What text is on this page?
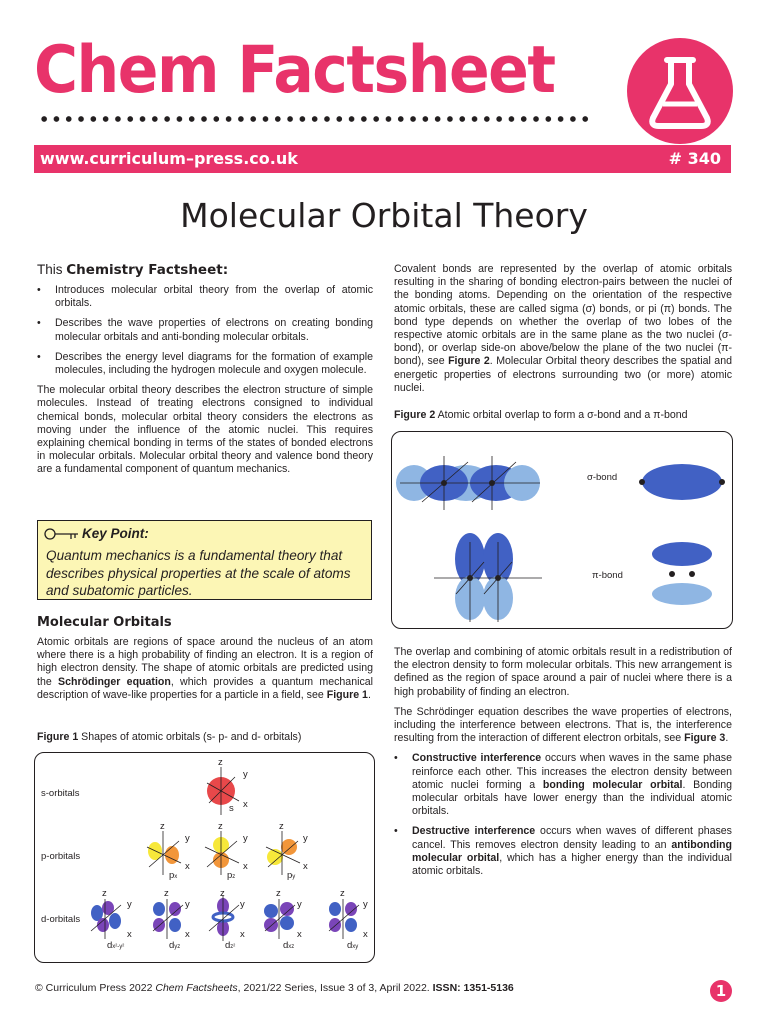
Chem Factsheet
www.curriculum–press.co.uk	# 340
Molecular Orbital Theory
This Chemistry Factsheet:
• Introduces molecular orbital theory from the overlap of atomic orbitals.
• Describes the wave properties of electrons on creating bonding molecular orbitals and anti-bonding molecular orbitals.
• Describes the energy level diagrams for the formation of example molecules, including the hydrogen molecule and oxygen molecule.

The molecular orbital theory describes the electron structure of simple molecules. Instead of treating electrons consigned to individual chemical bonds, molecular orbital theory considers the electrons as moving under the influence of the atomic nuclei. This requires explaining chemical bonding in terms of the states of bonded electrons in molecular orbitals. Molecular orbital theory and valence bond theory are a fundamental component of quantum mechanics.

Key Point:
Quantum mechanics is a fundamental theory that describes physical properties at the scale of atoms and subatomic particles.
Molecular Orbitals

Atomic orbitals are regions of space around the nucleus of an atom where there is a high probability of finding an electron. It is a region of high electron density. The shape of atomic orbitals are predicted using the Schrödinger equation, which provides a quantum mechanical description of wave-like properties for a particle in a field, see Figure 1.

Figure 1 Shapes of atomic orbitals (s- p- and d- orbitals)
s-orbitals
p-orbitals
d-orbitals
z
y
x
s
z
y
x
z
y
x
z
y
x
px	pz	py
z	z	z	z	z
y	y	y	y	y
x	x	x	x	x
dx²-y²	dyz	dz²	dxz	dxy

Covalent bonds are represented by the overlap of atomic orbitals resulting in the sharing of bonding electron-pairs between the nuclei of the bonding atoms. Depending on the orientation of the respective atomic orbitals, these are called sigma (σ) bonds, or pi (π) bonds. The bond type depends on whether the overlap of two lobes of the respective atomic orbitals are in the same plane as the two nuclei (σ-bond), or overlap side-on above/below the plane of the two nuclei (π-bond), see Figure 2. Molecular Orbital theory describes the spatial and energetic properties of electrons surrounding two (or more) atomic nuclei.

Figure 2 Atomic orbital overlap to form a σ-bond and a π-bond
σ-bond
π-bond

The overlap and combining of atomic orbitals result in a redistribution of the electron density to form molecular orbitals. This new arrangement is defined as the region of space around a pair of nuclei where there is a high probability of finding an electron.

The Schrödinger equation describes the wave properties of electrons, including the interference between electrons. That is, the interference resulting from the interaction of different electron orbitals, see Figure 3.

• Constructive interference occurs when waves in the same phase reinforce each other. This increases the electron density between atomic nuclei forming a bonding molecular orbital. Bonding molecular orbitals have lower energy than the individual atomic orbitals.
• Destructive interference occurs when waves of different phases cancel. This removes electron density leading to an antibonding molecular orbital, which has a higher energy than the individual atomic orbitals.
© Curriculum Press 2022 Chem Factsheets, 2021/22 Series, Issue 3 of 3, April 2022. ISSN: 1351-5136	1
